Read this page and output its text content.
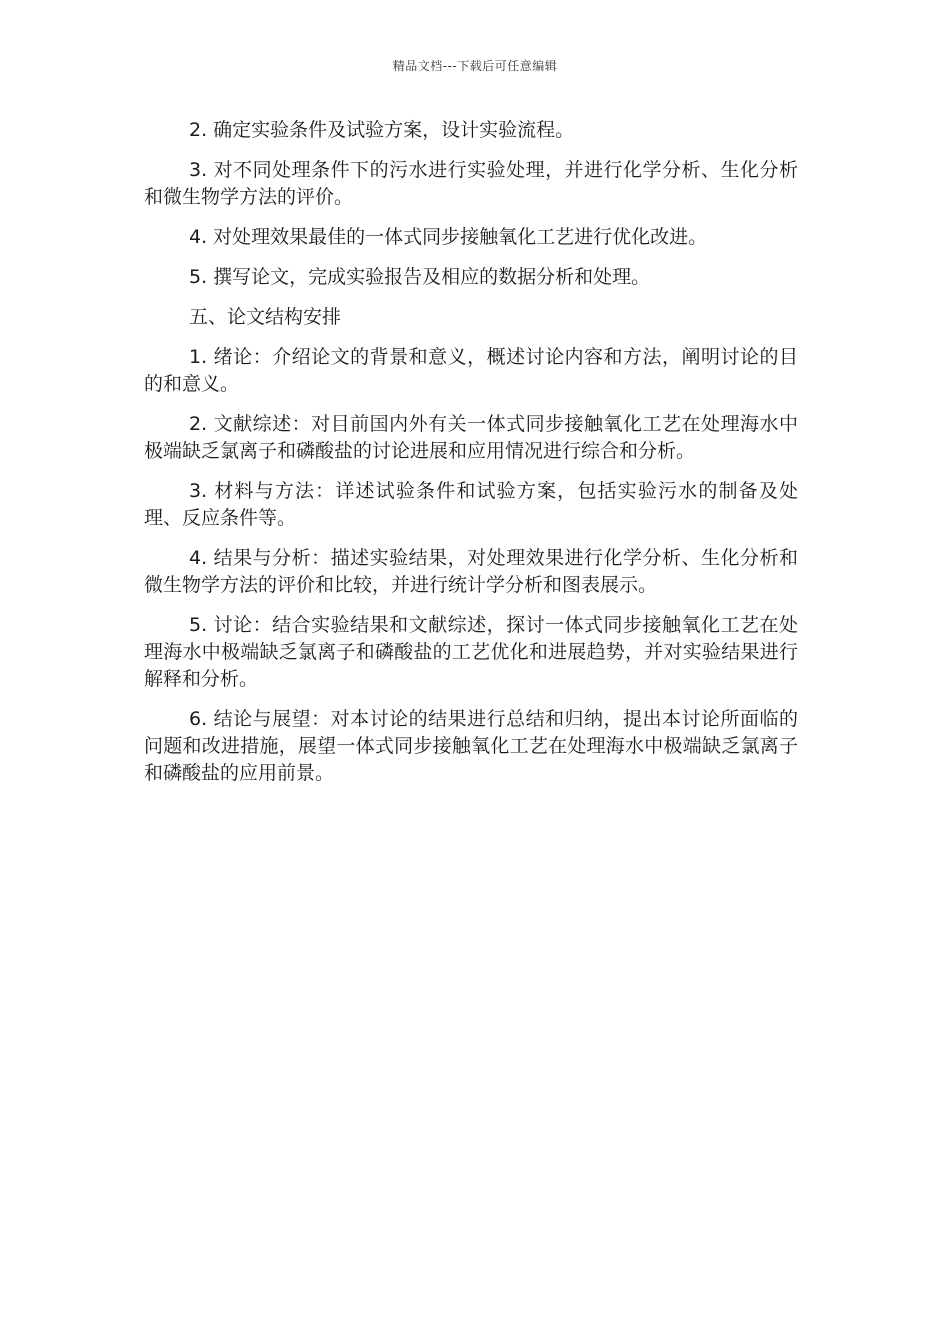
精品文档---下载后可任意编辑

2. 确定实验条件及试验方案，设计实验流程。

3. 对不同处理条件下的污水进行实验处理，并进行化学分析、生化分析和微生物学方法的评价。

4. 对处理效果最佳的一体式同步接触氧化工艺进行优化改进。

5. 撰写论文，完成实验报告及相应的数据分析和处理。

五、论文结构安排

1. 绪论：介绍论文的背景和意义，概述讨论内容和方法，阐明讨论的目的和意义。

2. 文献综述：对目前国内外有关一体式同步接触氧化工艺在处理海水中极端缺乏氯离子和磷酸盐的讨论进展和应用情况进行综合和分析。

3. 材料与方法：详述试验条件和试验方案，包括实验污水的制备及处理、反应条件等。

4. 结果与分析：描述实验结果，对处理效果进行化学分析、生化分析和微生物学方法的评价和比较，并进行统计学分析和图表展示。

5. 讨论：结合实验结果和文献综述，探讨一体式同步接触氧化工艺在处理海水中极端缺乏氯离子和磷酸盐的工艺优化和进展趋势，并对实验结果进行解释和分析。

6. 结论与展望：对本讨论的结果进行总结和归纳，提出本讨论所面临的问题和改进措施，展望一体式同步接触氧化工艺在处理海水中极端缺乏氯离子和磷酸盐的应用前景。
